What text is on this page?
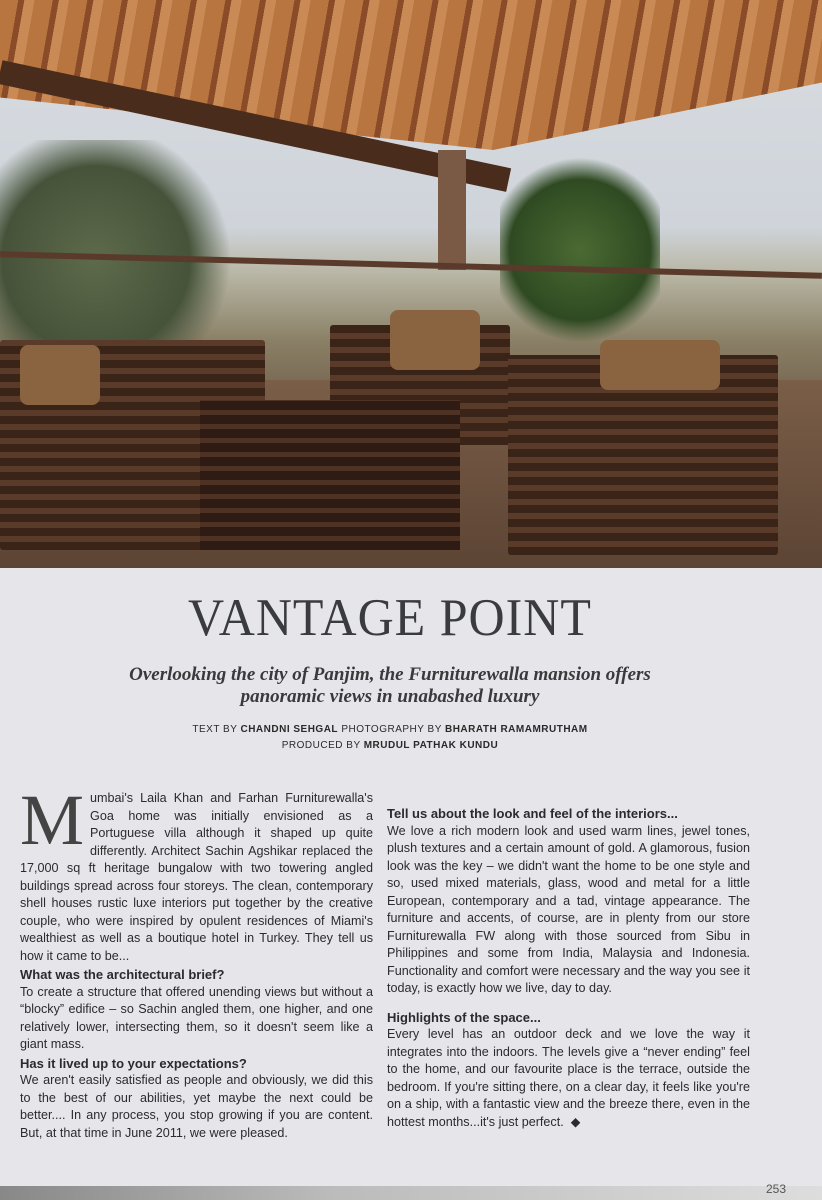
VANTAGE POINT
Overlooking the city of Panjim, the Furniturewalla mansion offers panoramic views in unabashed luxury
TEXT BY CHANDNI SEHGAL PHOTOGRAPHY BY BHARATH RAMAMRUTHAM
PRODUCED BY MRUDUL PATHAK KUNDU
M umbai's Laila Khan and Farhan Furniturewalla's Goa home was initially envisioned as a Portuguese villa although it shaped up quite differently. Architect Sachin Agshikar replaced the 17,000 sq ft heritage bungalow with two towering angled buildings spread across four storeys. The clean, contemporary shell houses rustic luxe interiors put together by the creative couple, who were inspired by opulent residences of Miami's wealthiest as well as a boutique hotel in Turkey. They tell us how it came to be...

What was the architectural brief?

To create a structure that offered unending views but without a “blocky” edifice – so Sachin angled them, one higher, and one relatively lower, intersecting them, so it doesn't seem like a giant mass.

Has it lived up to your expectations?

We aren't easily satisfied as people and obviously, we did this to the best of our abilities, yet maybe the next could be better.... In any process, you stop growing if you are content. But, at that time in June 2011, we were pleased.

Tell us about the look and feel of the interiors...

We love a rich modern look and used warm lines, jewel tones, plush textures and a certain amount of gold. A glamorous, fusion look was the key – we didn't want the home to be one style and so, used mixed materials, glass, wood and metal for a little European, contemporary and a tad, vintage appearance. The furniture and accents, of course, are in plenty from our store Furniturewalla FW along with those sourced from Sibu in Philippines and some from India, Malaysia and Indonesia. Functionality and comfort were necessary and the way you see it today, is exactly how we live, day to day.

Highlights of the space...

Every level has an outdoor deck and we love the way it integrates into the indoors. The levels give a “never ending” feel to the home, and our favourite place is the terrace, outside the bedroom. If you're sitting there, on a clear day, it feels like you're on a ship, with a fantastic view and the breeze there, even in the hottest months...it's just perfect. ◆

253
